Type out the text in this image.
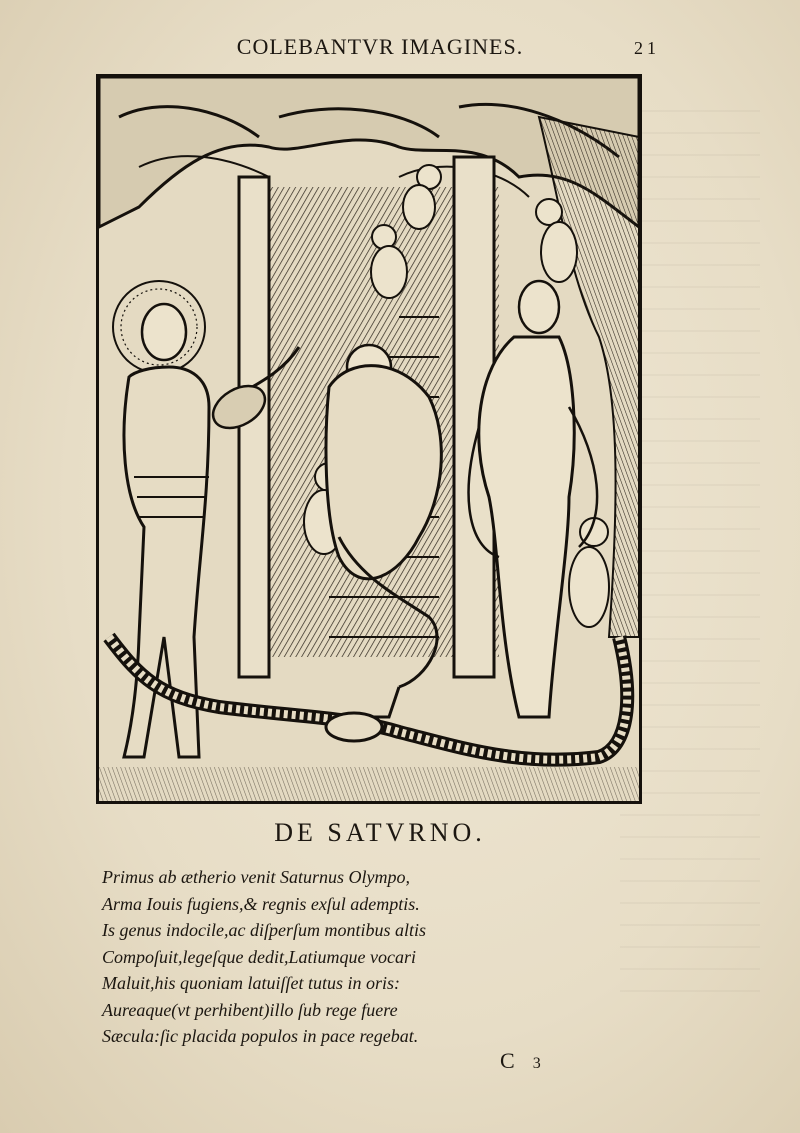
COLEBANTVR IMAGINES.	21
DE SATVRNO.
Primus ab ætherio venit Saturnus Olympo,
Arma Iouis fugiens,& regnis exſul ademptis.
Is genus indocile,ac diſperſum montibus altis
Compoſuit,legeſque dedit,Latiumque vocari
Maluit,his quoniam latuiſſet tutus in oris:
Aureaque(vt perhibent)illo ſub rege fuere
Sæcula:ſic placida populos in pace regebat.
C 3
